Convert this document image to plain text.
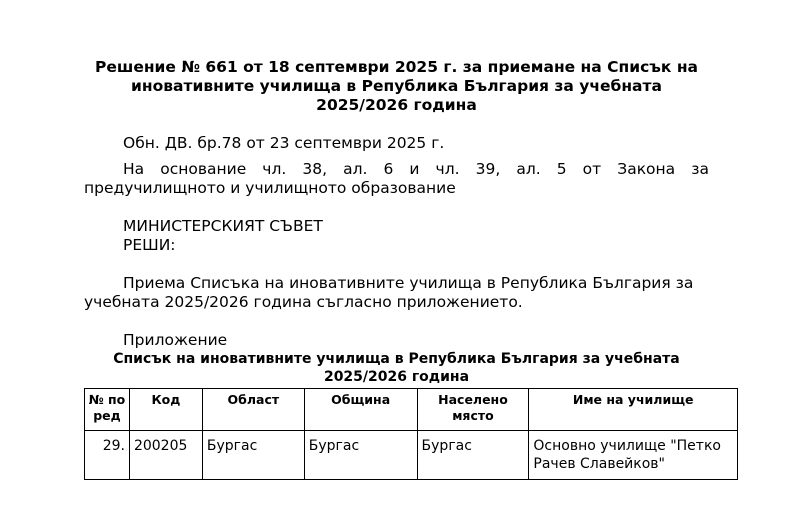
Решение № 661 от 18 септември 2025 г. за приемане на Списък на иновативните училища в Република България за учебната 2025/2026 година

Обн. ДВ. бр.78 от 23 септември 2025 г.

На основание чл. 38, ал. 6 и чл. 39, ал. 5 от Закона за предучилищното и училищното образование

МИНИСТЕРСКИЯТ СЪВЕТ

РЕШИ:

Приема Списъка на иновативните училища в Република България за учебната 2025/2026 година съгласно приложението.

Приложение

Списък на иновативните училища в Република България за учебната 2025/2026 година
№ по ред	Код	Област	Община	Населено място	Име на училище
29.	200205	Бургас	Бургас	Бургас	Основно училище "Петко Рачев Славейков"
